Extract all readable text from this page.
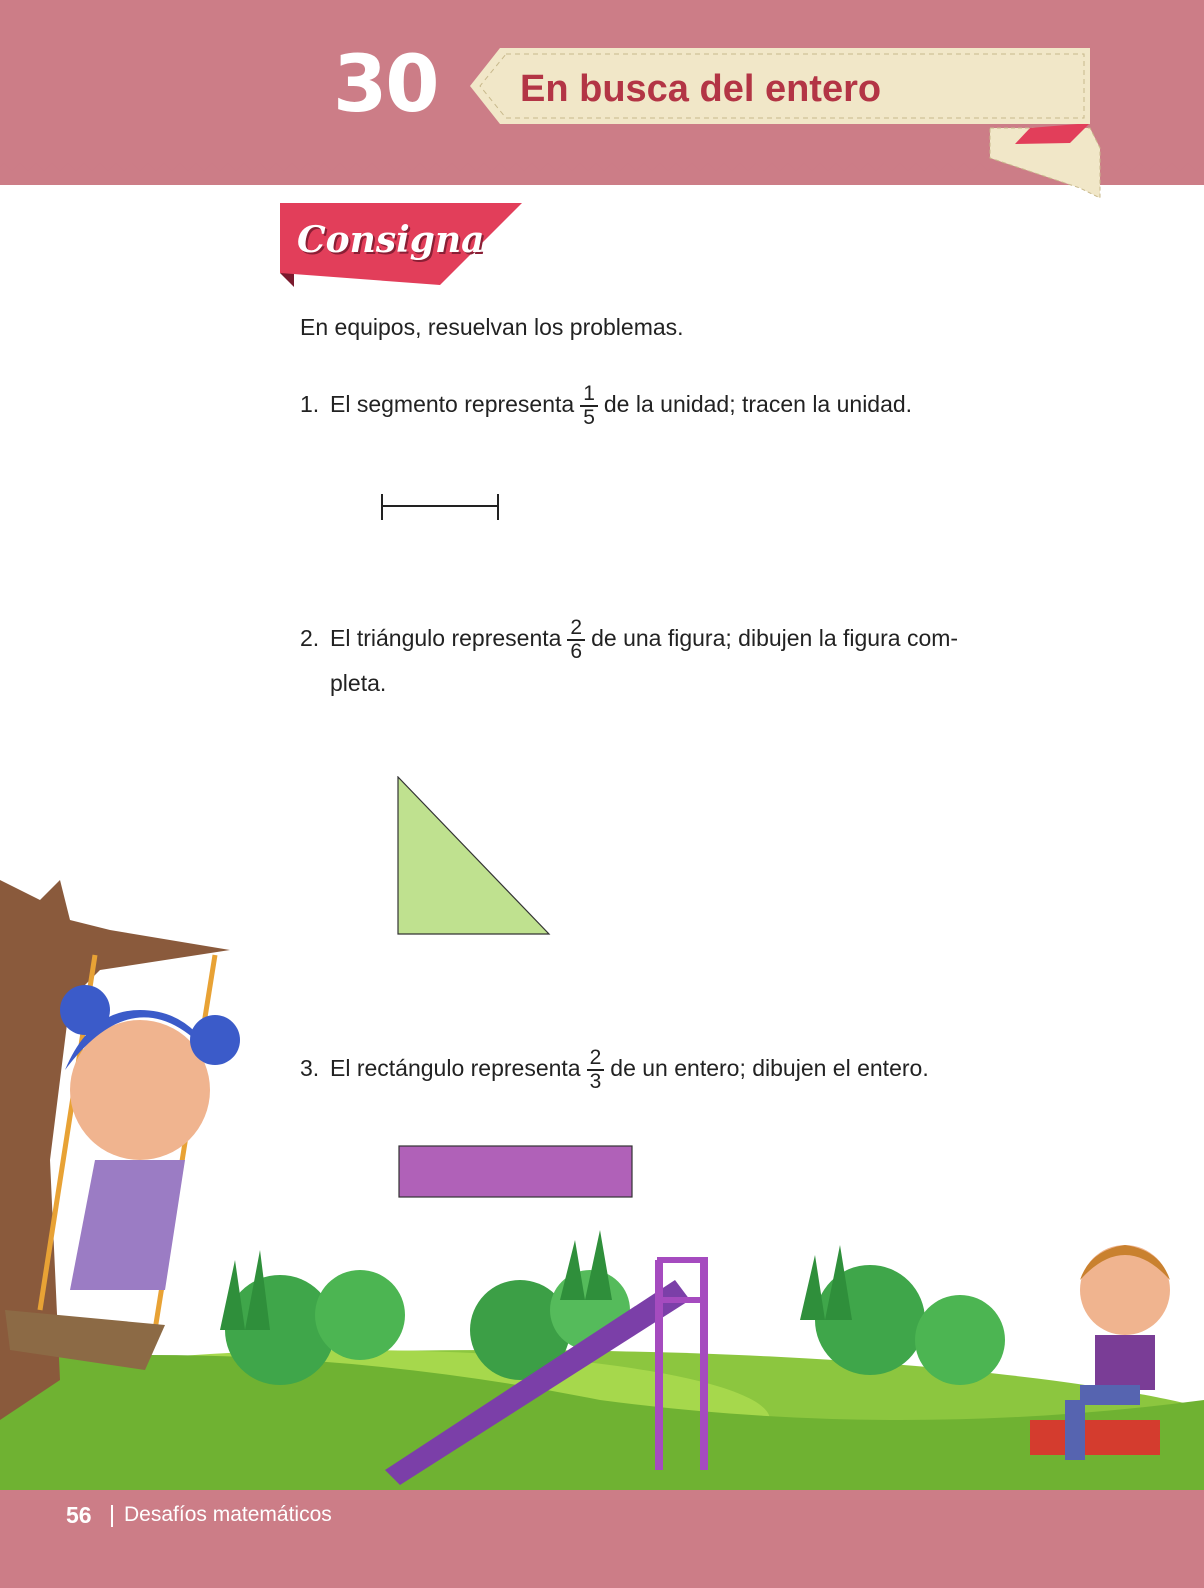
30 En busca del entero
Consigna
En equipos, resuelvan los problemas.
1. El segmento representa $\frac{1}{5}$ de la unidad; tracen la unidad.
2. El triángulo representa $\frac{2}{6}$ de una figura; dibujen la figura com-
pleta.
3. El rectángulo representa $\frac{2}{3}$ de un entero; dibujen el entero.
56 Desafíos matemáticos
